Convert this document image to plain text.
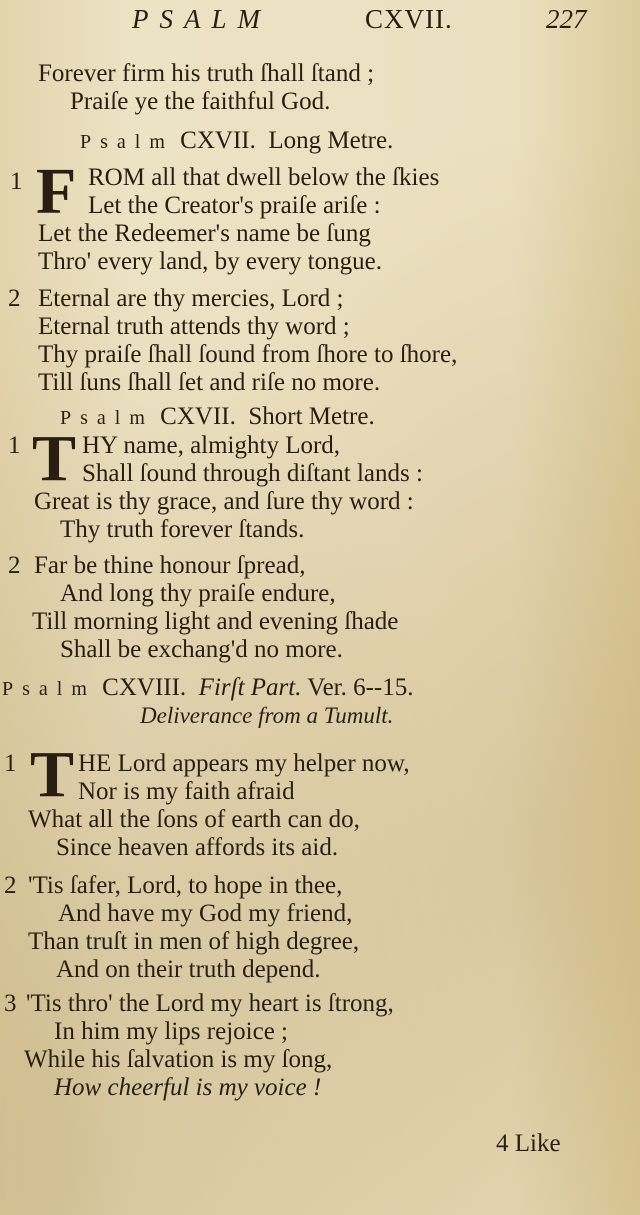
PSALM	CXVII.	227
Forever firm his truth ſhall ſtand ;
Praiſe ye the faithful God.
Psalm CXVII. Long Metre.
1 F ROM all that dwell below the ſkies
Let the Creator's praiſe ariſe :
Let the Redeemer's name be ſung
Thro' every land, by every tongue.
2 Eternal are thy mercies, Lord ;
Eternal truth attends thy word ;
Thy praiſe ſhall ſound from ſhore to ſhore,
Till ſuns ſhall ſet and riſe no more.
Psalm CXVII. Short Metre.
1 T HY name, almighty Lord,
Shall ſound through diſtant lands :
Great is thy grace, and ſure thy word :
Thy truth forever ſtands.
2 Far be thine honour ſpread,
And long thy praiſe endure,
Till morning light and evening ſhade
Shall be exchang'd no more.
Psalm CXVIII. Firſt Part. Ver. 6--15.
Deliverance from a Tumult.
1 T HE Lord appears my helper now,
Nor is my faith afraid
What all the ſons of earth can do,
Since heaven affords its aid.
2 'Tis ſafer, Lord, to hope in thee,
And have my God my friend,
Than truſt in men of high degree,
And on their truth depend.
3 'Tis thro' the Lord my heart is ſtrong,
In him my lips rejoice ;
While his ſalvation is my ſong,
How cheerful is my voice !
4 Like
